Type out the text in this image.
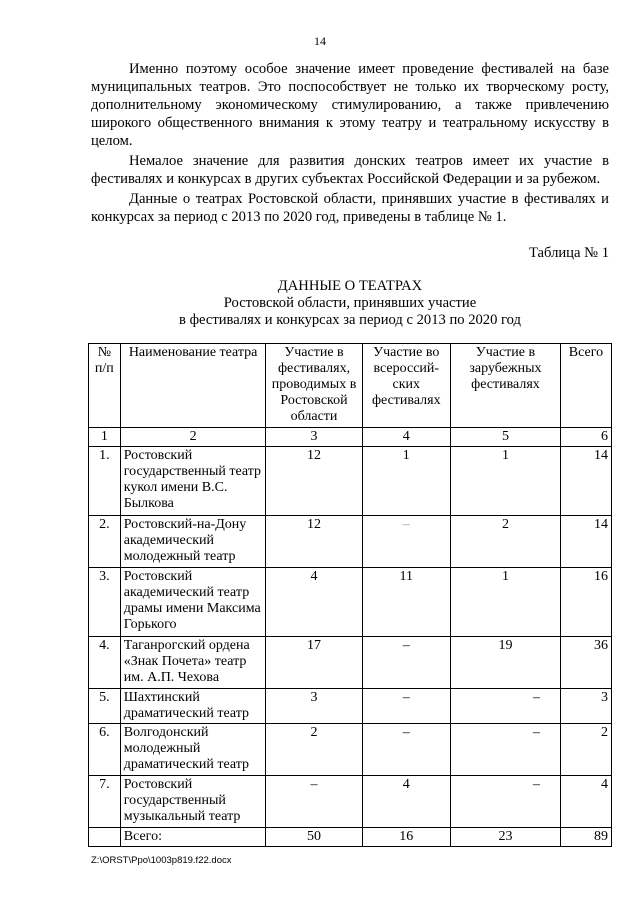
14

Именно поэтому особое значение имеет проведение фестивалей на базе муниципальных театров. Это поспособствует не только их творческому росту, дополнительному экономическому стимулированию, а также привлечению широкого общественного внимания к этому театру и театральному искусству в целом.

Немалое значение для развития донских театров имеет их участие в фестивалях и конкурсах в других субъектах Российской Федерации и за рубежом.

Данные о театрах Ростовской области, принявших участие в фестивалях и конкурсах за период с 2013 по 2020 год, приведены в таблице № 1.

Таблица № 1
ДАННЫЕ О ТЕАТРАХ
Ростовской области, принявших участие
в фестивалях и конкурсах за период с 2013 по 2020 год
№ п/п	Наименование театра	Участие в фестивалях, проводимых в Ростовской области	Участие во всероссий-ских фестивалях	Участие в зарубежных фестивалях	Всего
1	2	3	4	5	6
1.	Ростовский государственный театр кукол имени В.С. Былкова	12	1	1	14
2.	Ростовский-на-Дону академический молодежный театр	12	–	2	14
3.	Ростовский академический театр драмы имени Максима Горького	4	11	1	16
4.	Таганрогский ордена «Знак Почета» театр им. А.П. Чехова	17	–	19	36
5.	Шахтинский драматический театр	3	–	–	3
6.	Волгодонский молодежный драматический театр	2	–	–	2
7.	Ростовский государственный музыкальный театр	–	4	–	4
	Всего:	50	16	23	89
Z:\ORST\Ppo\1003p819.f22.docx
